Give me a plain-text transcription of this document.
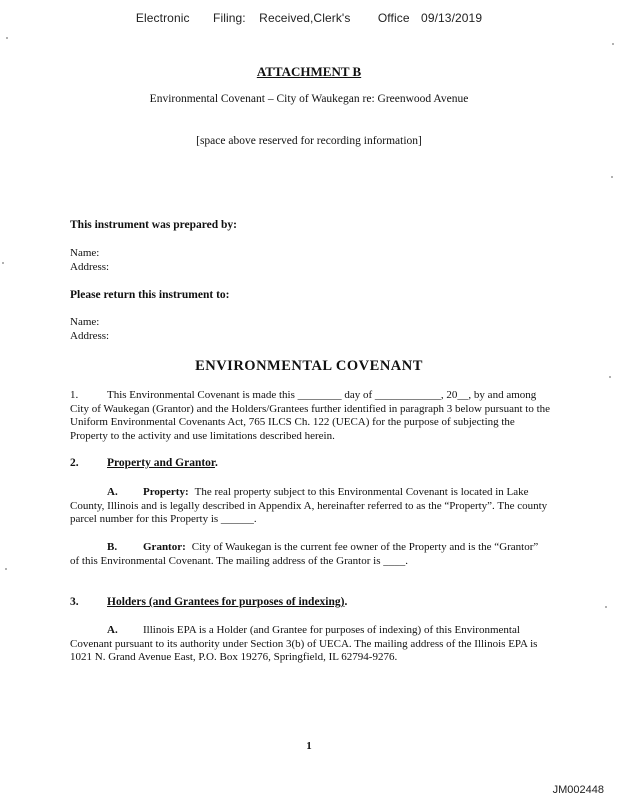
Electronic Filing: Received,Clerk's Office 09/13/2019
ATTACHMENT B
Environmental Covenant – City of Waukegan re: Greenwood Avenue
[space above reserved for recording information]
This instrument was prepared by:
Name:
Address:
Please return this instrument to:
Name:
Address:
ENVIRONMENTAL COVENANT
1.	This Environmental Covenant is made this ________ day of ____________, 20__, by and among City of Waukegan (Grantor) and the Holders/Grantees further identified in paragraph 3 below pursuant to the Uniform Environmental Covenants Act, 765 ILCS Ch. 122 (UECA) for the purpose of subjecting the Property to the activity and use limitations described herein.
2. Property and Grantor.
A. Property: The real property subject to this Environmental Covenant is located in Lake County, Illinois and is legally described in Appendix A, hereinafter referred to as the “Property”. The county parcel number for this Property is ______.
B. Grantor: City of Waukegan is the current fee owner of the Property and is the “Grantor” of this Environmental Covenant. The mailing address of the Grantor is ____.
3. Holders (and Grantees for purposes of indexing).
A. Illinois EPA is a Holder (and Grantee for purposes of indexing) of this Environmental Covenant pursuant to its authority under Section 3(b) of UECA. The mailing address of the Illinois EPA is 1021 N. Grand Avenue East, P.O. Box 19276, Springfield, IL 62794-9276.
1
JM002448
